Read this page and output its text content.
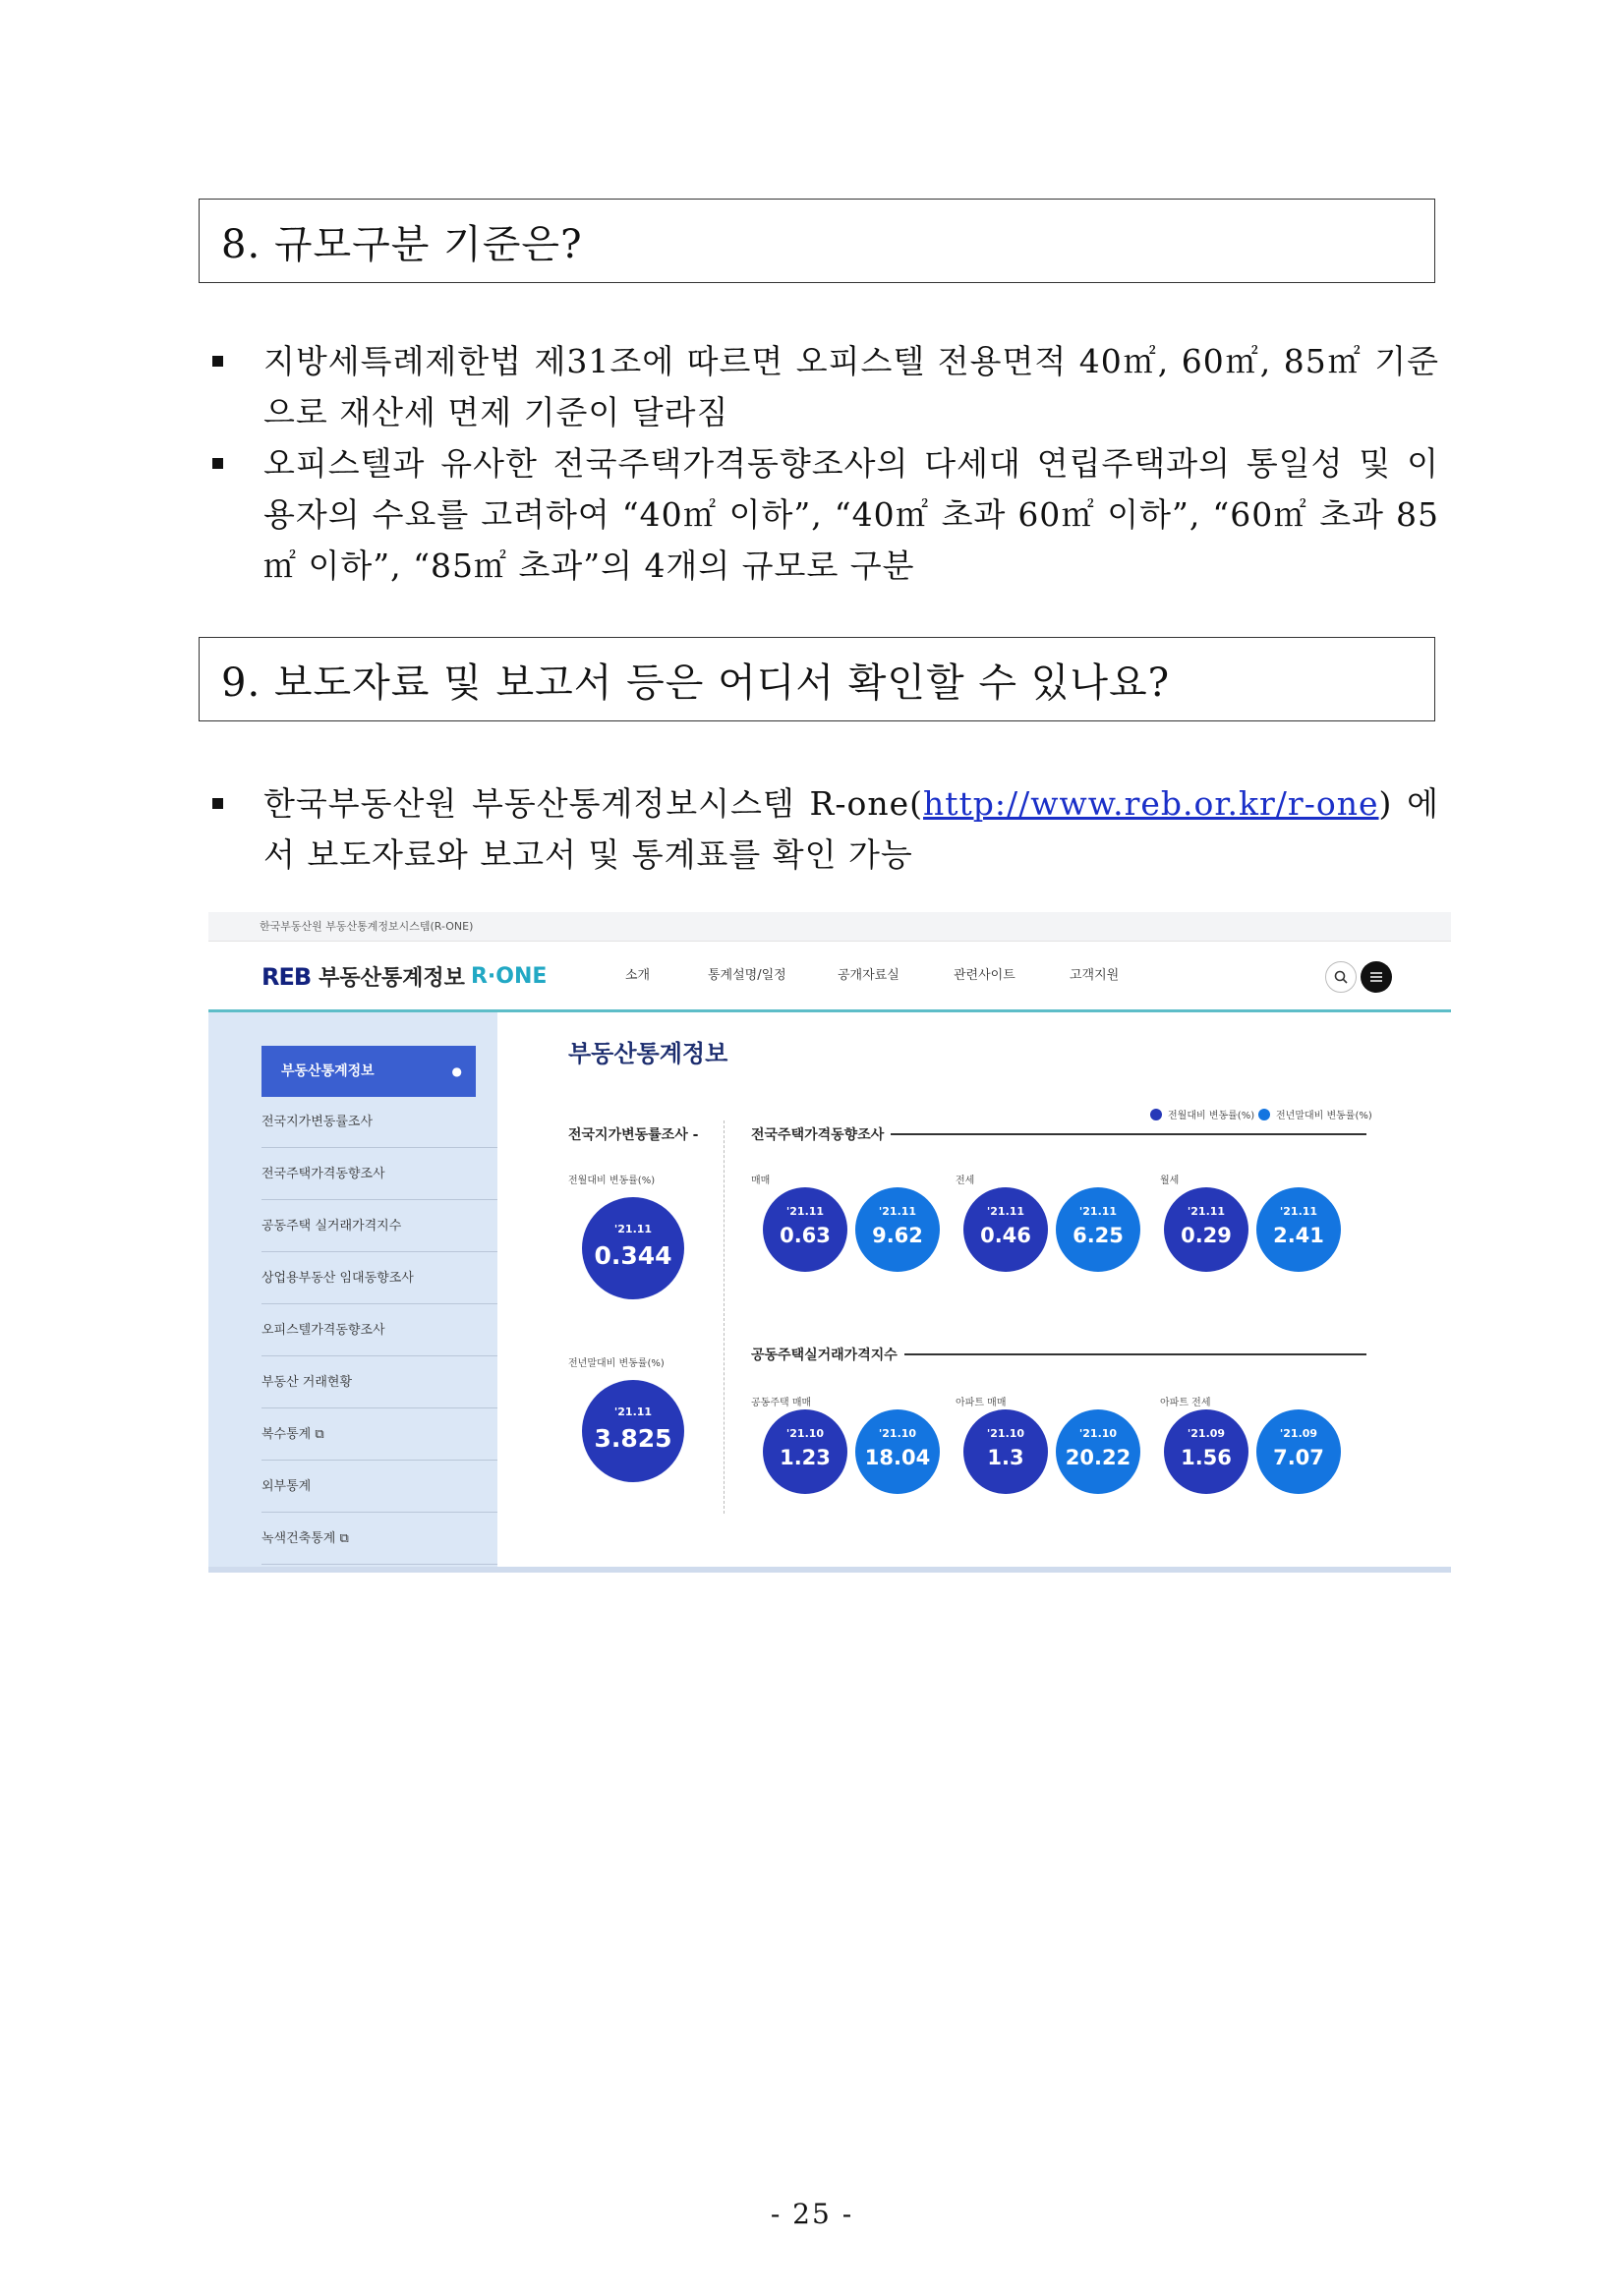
8. 규모구분 기준은?
지방세특례제한법 제31조에 따르면 오피스텔 전용면적 40㎡, 60㎡, 85㎡ 기준으로 재산세 면제 기준이 달라짐
오피스텔과 유사한 전국주택가격동향조사의 다세대 연립주택과의 통일성 및 이용자의 수요를 고려하여 “40㎡ 이하”, “40㎡ 초과 60㎡ 이하”, “60㎡ 초과 85㎡ 이하”, “85㎡ 초과”의 4개의 규모로 구분
9. 보도자료 및 보고서 등은 어디서 확인할 수 있나요?
한국부동산원 부동산통계정보시스템 R-one(http://www.reb.or.kr/r-one) 에서 보도자료와 보고서 및 통계표를 확인 가능
한국부동산원 부동산통계정보시스템(R-ONE)
REB 부동산통계정보 R·ONE	소개	통계설명/일정	공개자료실	관련사이트	고객지원
부동산통계정보	●
전국지가변동률조사
전국주택가격동향조사
공동주택 실거래가격지수
상업용부동산 임대동향조사
오피스텔가격동향조사
부동산 거래현황
복수통계 ⧉
외부통계
녹색건축통계 ⧉
부동산통계정보
전월대비 변동률(%) 전년말대비 변동률(%)
전국지가변동률조사 -
전월대비 변동률(%)
'21.11
0.344
전년말대비 변동률(%)
'21.11
3.825
전국주택가격동향조사
매매	전세	월세
'21.11
0.63
'21.11
9.62
'21.11
0.46
'21.11
6.25
'21.11
0.29
'21.11
2.41
공동주택실거래가격지수
공동주택 매매	아파트 매매	아파트 전세
'21.10
1.23
'21.10
18.04
'21.10
1.3
'21.10
20.22
'21.09
1.56
'21.09
7.07
- 25 -
